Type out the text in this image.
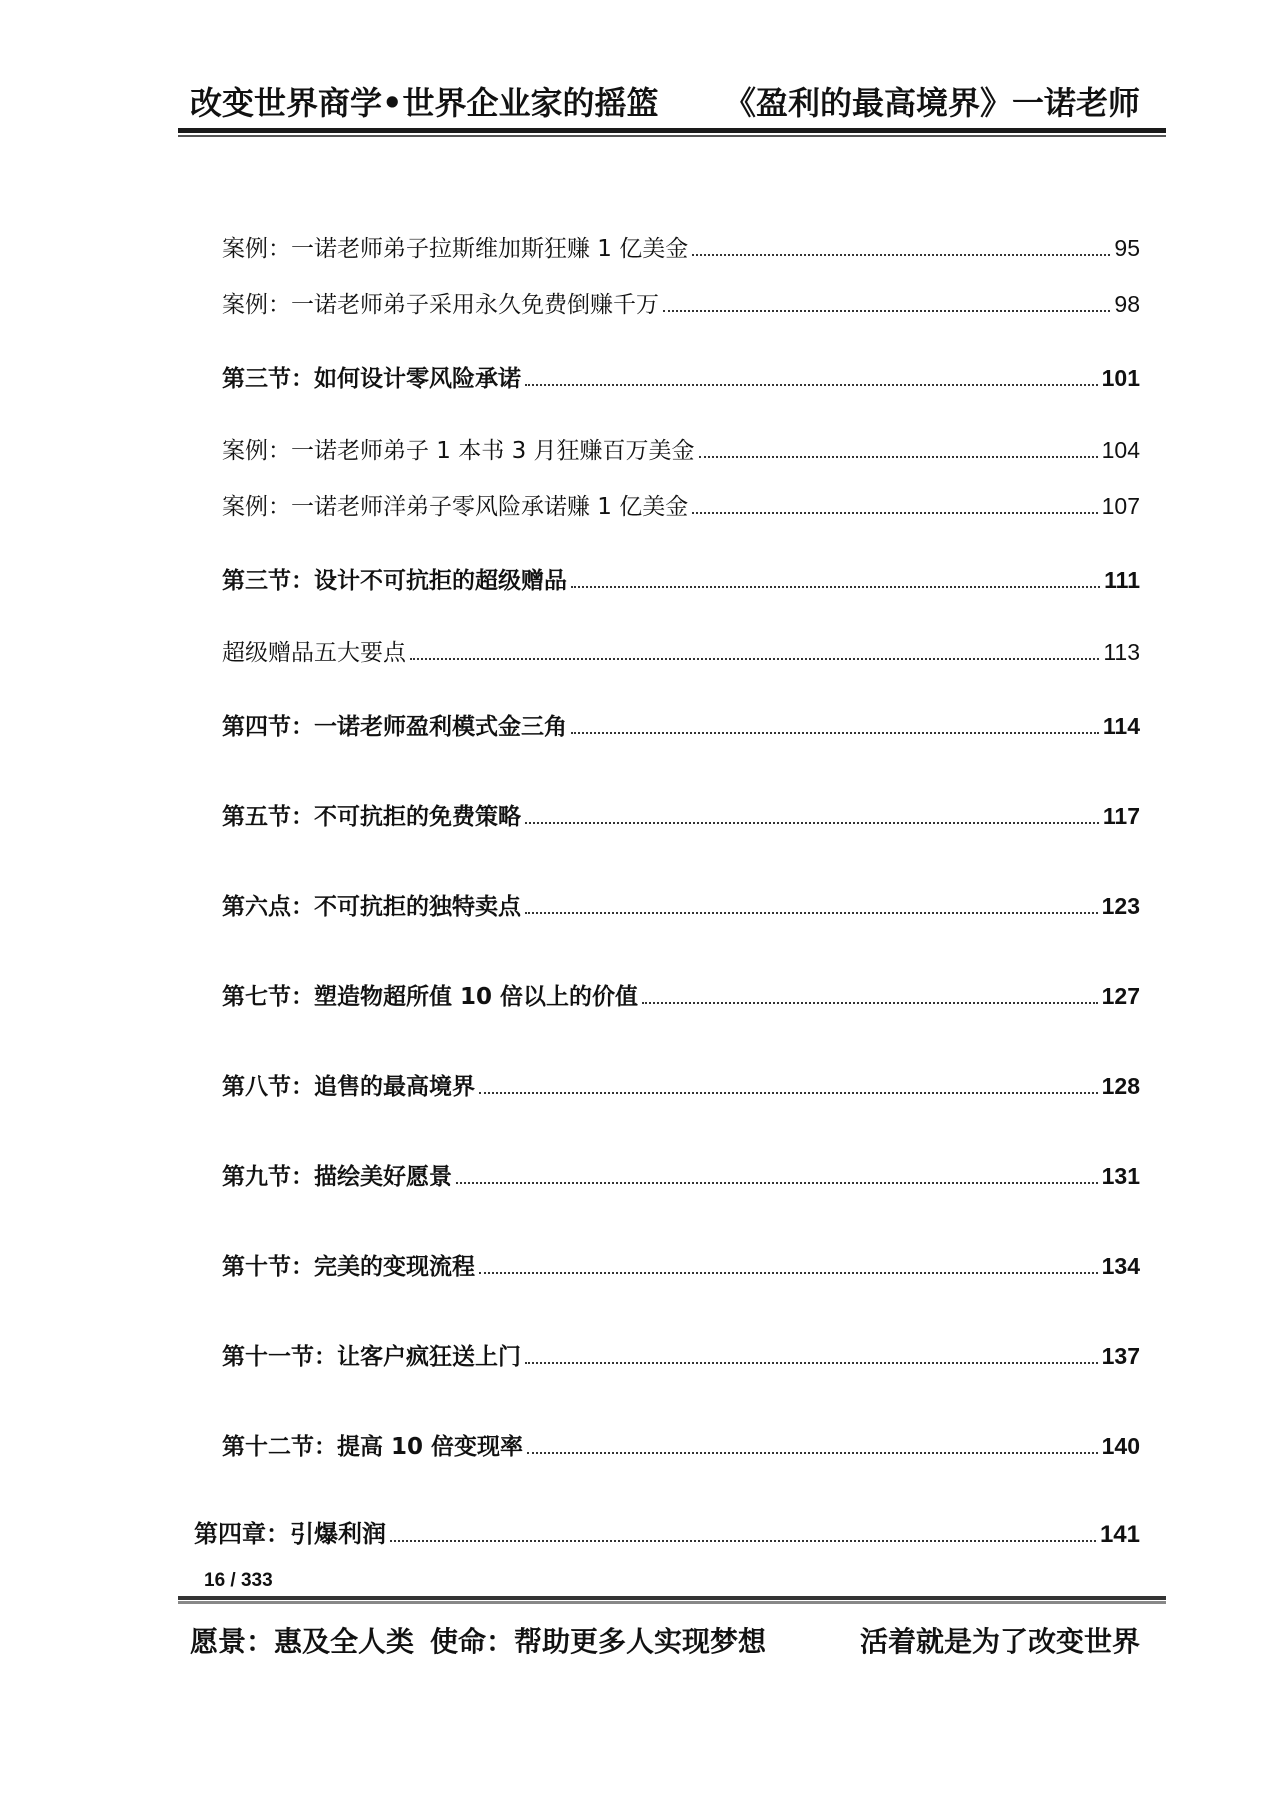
改变世界商学•世界企业家的摇篮 《盈利的最高境界》一诺老师
案例：一诺老师弟子拉斯维加斯狂赚 1 亿美金	95
案例：一诺老师弟子采用永久免费倒赚千万	98
第三节：如何设计零风险承诺	101
案例：一诺老师弟子 1 本书 3 月狂赚百万美金	104
案例：一诺老师洋弟子零风险承诺赚 1 亿美金	107
第三节：设计不可抗拒的超级赠品	111
超级赠品五大要点	113
第四节：一诺老师盈利模式金三角	114
第五节：不可抗拒的免费策略	117
第六点：不可抗拒的独特卖点	123
第七节：塑造物超所值 10 倍以上的价值	127
第八节：追售的最高境界	128
第九节：描绘美好愿景	131
第十节：完美的变现流程	134
第十一节：让客户疯狂送上门	137
第十二节：提高 10 倍变现率	140
第四章：引爆利润	141
16 / 333
愿景：惠及全人类 使命：帮助更多人实现梦想	活着就是为了改变世界
